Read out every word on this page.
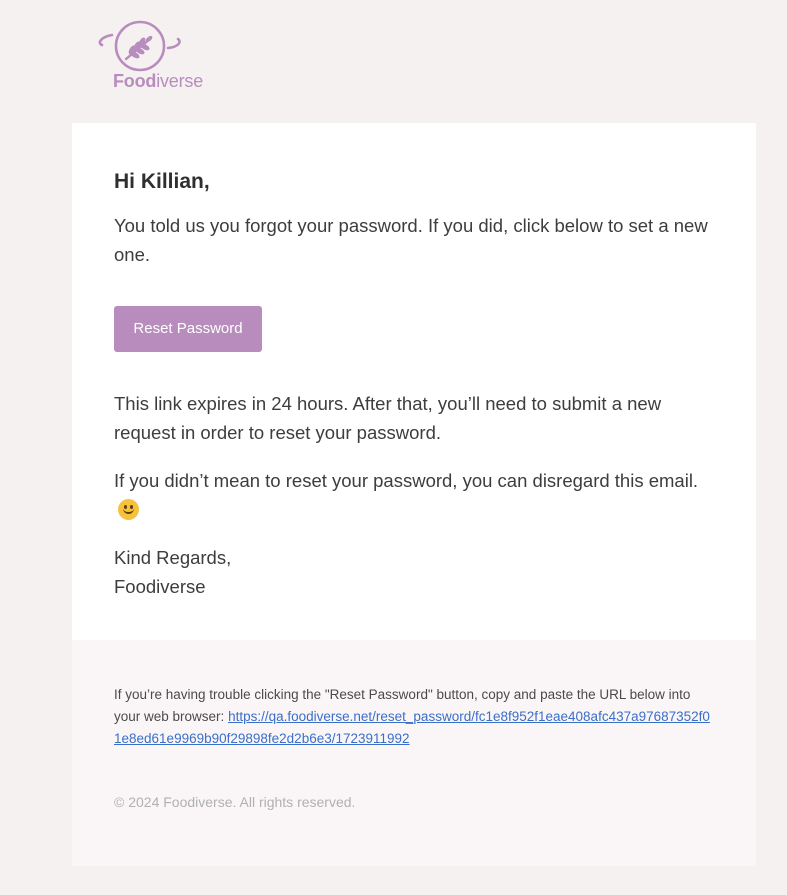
Foodiverse
Hi Killian,

You told us you forgot your password. If you did, click below to set a new one.

Reset Password

This link expires in 24 hours. After that, you’ll need to submit a new request in order to reset your password.

If you didn’t mean to reset your password, you can disregard this email.

Kind Regards,
Foodiverse

If you’re having trouble clicking the "Reset Password" button, copy and paste the URL below into your web browser: https://qa.foodiverse.net/reset_password/fc1e8f952f1eae408afc437a97687352f01e8ed61e9969b90f29898fe2d2b6e3/1723911992

© 2024 Foodiverse. All rights reserved.
